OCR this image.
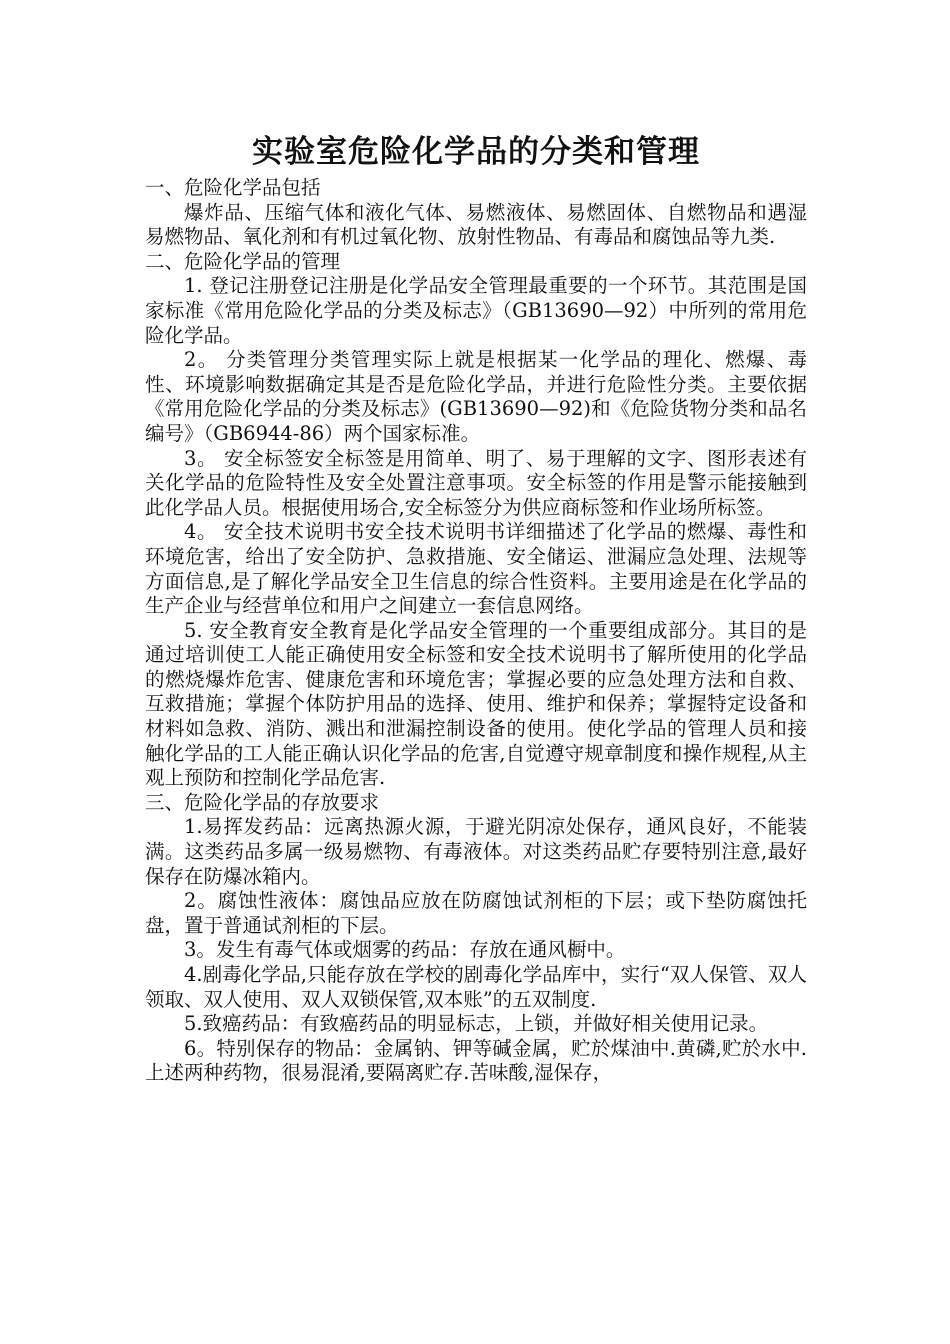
实验室危险化学品的分类和管理

一、危险化学品包括

爆炸品、压缩气体和液化气体、易燃液体、易燃固体、自燃物品和遇湿易燃物品、氧化剂和有机过氧化物、放射性物品、有毒品和腐蚀品等九类.

二、危险化学品的管理

1. 登记注册登记注册是化学品安全管理最重要的一个环节。其范围是国家标准《常用危险化学品的分类及标志》（GB13690—92）中所列的常用危险化学品。

2。 分类管理分类管理实际上就是根据某一化学品的理化、燃爆、毒性、环境影响数据确定其是否是危险化学品，并进行危险性分类。主要依据《常用危险化学品的分类及标志》(GB13690—92)和《危险货物分类和品名编号》（GB6944-86）两个国家标准。

3。 安全标签安全标签是用简单、明了、易于理解的文字、图形表述有关化学品的危险特性及安全处置注意事项。安全标签的作用是警示能接触到此化学品人员。根据使用场合,安全标签分为供应商标签和作业场所标签。

4。 安全技术说明书安全技术说明书详细描述了化学品的燃爆、毒性和环境危害，给出了安全防护、急救措施、安全储运、泄漏应急处理、法规等方面信息,是了解化学品安全卫生信息的综合性资料。主要用途是在化学品的生产企业与经营单位和用户之间建立一套信息网络。

5. 安全教育安全教育是化学品安全管理的一个重要组成部分。其目的是通过培训使工人能正确使用安全标签和安全技术说明书了解所使用的化学品的燃烧爆炸危害、健康危害和环境危害；掌握必要的应急处理方法和自救、互救措施；掌握个体防护用品的选择、使用、维护和保养；掌握特定设备和材料如急救、消防、溅出和泄漏控制设备的使用。使化学品的管理人员和接触化学品的工人能正确认识化学品的危害,自觉遵守规章制度和操作规程,从主观上预防和控制化学品危害.

三、危险化学品的存放要求

1.易挥发药品：远离热源火源，于避光阴凉处保存，通风良好，不能装满。这类药品多属一级易燃物、有毒液体。对这类药品贮存要特别注意,最好保存在防爆冰箱内。

2。腐蚀性液体：腐蚀品应放在防腐蚀试剂柜的下层；或下垫防腐蚀托盘，置于普通试剂柜的下层。

3。发生有毒气体或烟雾的药品：存放在通风橱中。

4.剧毒化学品,只能存放在学校的剧毒化学品库中，实行“双人保管、双人领取、双人使用、双人双锁保管,双本账”的五双制度.

5.致癌药品：有致癌药品的明显标志，上锁，并做好相关使用记录。

6。特别保存的物品：金属钠、钾等碱金属，贮於煤油中.黄磷,贮於水中.上述两种药物，很易混淆,要隔离贮存.苦味酸,湿保存，
